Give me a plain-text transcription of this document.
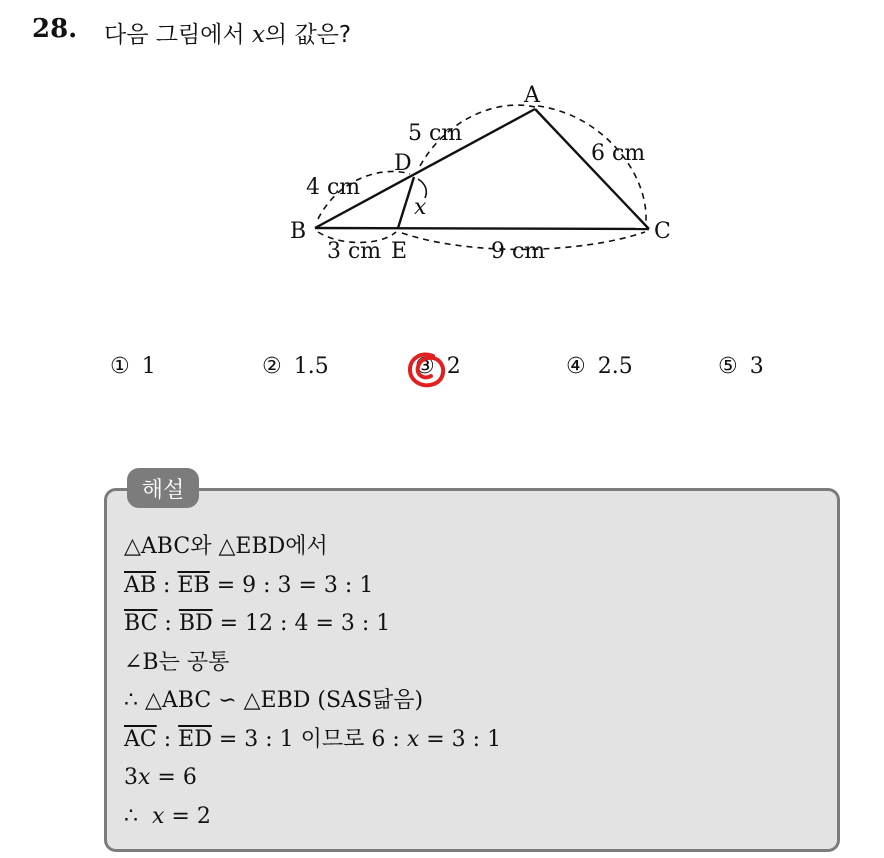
28. 다음 그림에서 x의 값은?
A
B	C
D
E
5 cm
6 cm
4 cm
3 cm	9 cm
x
① 1	② 1.5	③ 2	④ 2.5	⑤ 3
해설
△ABC와 △EBD에서
$\overline{AB}$ : $\overline{EB} = 9$ : 3 = 3 : 1
$\overline{BC}$ : $\overline{BD} = 12$ : 4 = 3 : 1
∠B는 공통
∴ △ABC ∽ △EBD (SAS닮음)
$\overline{AC}$ : $\overline{ED} = 3$ : 1 이므로 6 : x = 3 : 1
3x = 6
∴  x = 2
